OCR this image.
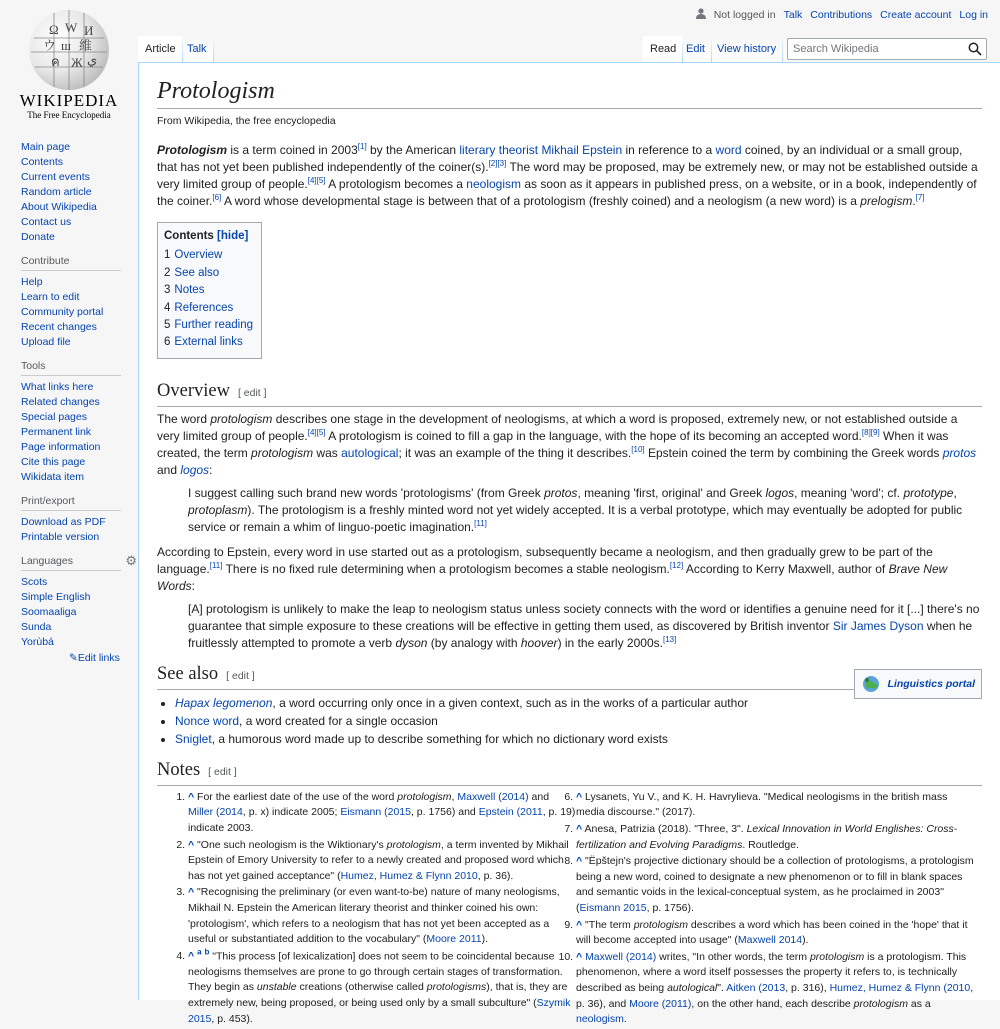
Ω W И
ウ ш 維
ค Ж ي
WIKIPEDIA
The Free Encyclopedia
Not logged in Talk Contributions Create account Log in
Article	Talk	Read Edit	View history	Search Wikipedia
Main page
Contents
Current events
Random article
About Wikipedia
Contact us
Donate
Contribute
Help
Learn to edit
Community portal
Recent changes
Upload file
Tools
What links here
Related changes
Special pages
Permanent link
Page information
Cite this page
Wikidata item
Print/export
Download as PDF
Printable version
Languages	⚙
Scots
Simple English
Soomaaliga
Sunda
Yorùbá
✎Edit links
Protologism
From Wikipedia, the free encyclopedia

Protologism is a term coined in 2003[1] by the American literary theorist Mikhail Epstein in reference to a word coined, by an individual or a small group, that has not yet been published independently of the coiner(s).[2][3] The word may be proposed, may be extremely new, or may not be established outside a very limited group of people.[4][5] A protologism becomes a neologism as soon as it appears in published press, on a website, or in a book, independently of the coiner.[6] A word whose developmental stage is between that of a protologism (freshly coined) and a neologism (a new word) is a prelogism.[7]

Contents [hide]
1 Overview
2 See also
3 Notes
4 References
5 Further reading
6 External links
Overview [ edit ]

The word protologism describes one stage in the development of neologisms, at which a word is proposed, extremely new, or not established outside a very limited group of people.[4][5] A protologism is coined to fill a gap in the language, with the hope of its becoming an accepted word.[8][9] When it was created, the term protologism was autological; it was an example of the thing it describes.[10] Epstein coined the term by combining the Greek words protos and logos:

I suggest calling such brand new words 'protologisms' (from Greek protos, meaning 'first, original' and Greek logos, meaning 'word'; cf. prototype, protoplasm). The protologism is a freshly minted word not yet widely accepted. It is a verbal prototype, which may eventually be adopted for public service or remain a whim of linguo-poetic imagination.[11]

According to Epstein, every word in use started out as a protologism, subsequently became a neologism, and then gradually grew to be part of the language.[11] There is no fixed rule determining when a protologism becomes a stable neologism.[12] According to Kerry Maxwell, author of Brave New Words:

[A] protologism is unlikely to make the leap to neologism status unless society connects with the word or identifies a genuine need for it [...] there's no guarantee that simple exposure to these creations will be effective in getting them used, as discovered by British inventor Sir James Dyson when he fruitlessly attempted to promote a verb dyson (by analogy with hoover) in the early 2000s.[13]
See also [ edit ]
Linguistics portal
• Hapax legomenon, a word occurring only once in a given context, such as in the works of a particular author
• Nonce word, a word created for a single occasion
• Sniglet, a humorous word made up to describe something for which no dictionary word exists
Notes [ edit ]
1. ^ For the earliest date of the use of the word protologism, Maxwell (2014) and Miller (2014, p. x) indicate 2005; Eismann (2015, p. 1756) and Epstein (2011, p. 19) indicate 2003.
2. ^ "One such neologism is the Wiktionary's protologism, a term invented by Mikhail Epstein of Emory University to refer to a newly created and proposed word which has not yet gained acceptance" (Humez, Humez & Flynn 2010, p. 36).
3. ^ "Recognising the preliminary (or even want-to-be) nature of many neologisms, Mikhail N. Epstein the American literary theorist and thinker coined his own: 'protologism', which refers to a neologism that has not yet been accepted as a useful or substantiated addition to the vocabulary" (Moore 2011).
4. ^ $^a$ $^b$ "This process [of lexicalization] does not seem to be coincidental because neologisms themselves are prone to go through certain stages of transformation. They begin as unstable creations (otherwise called protologisms), that is, they are extremely new, being proposed, or being used only by a small subculture" (Szymik 2015, p. 453).
6. ^ Lysanets, Yu V., and K. H. Havrylieva. "Medical neologisms in the british mass media discourse." (2017).
7. ^ Anesa, Patrizia (2018). "Three, 3". Lexical Innovation in World Englishes: Cross-fertilization and Evolving Paradigms. Routledge.
8. ^ "Ëpštejn's projective dictionary should be a collection of protologisms, a protologism being a new word, coined to designate a new phenomenon or to fill in blank spaces and semantic voids in the lexical-conceptual system, as he proclaimed in 2003" (Eismann 2015, p. 1756).
9. ^ "The term protologism describes a word which has been coined in the 'hope' that it will become accepted into usage" (Maxwell 2014).
10. ^ Maxwell (2014) writes, "In other words, the term protologism is a protologism. This phenomenon, where a word itself possesses the property it refers to, is technically described as being autological". Aitken (2013, p. 316), Humez, Humez & Flynn (2010, p. 36), and Moore (2011), on the other hand, each describe protologism as a neologism.
